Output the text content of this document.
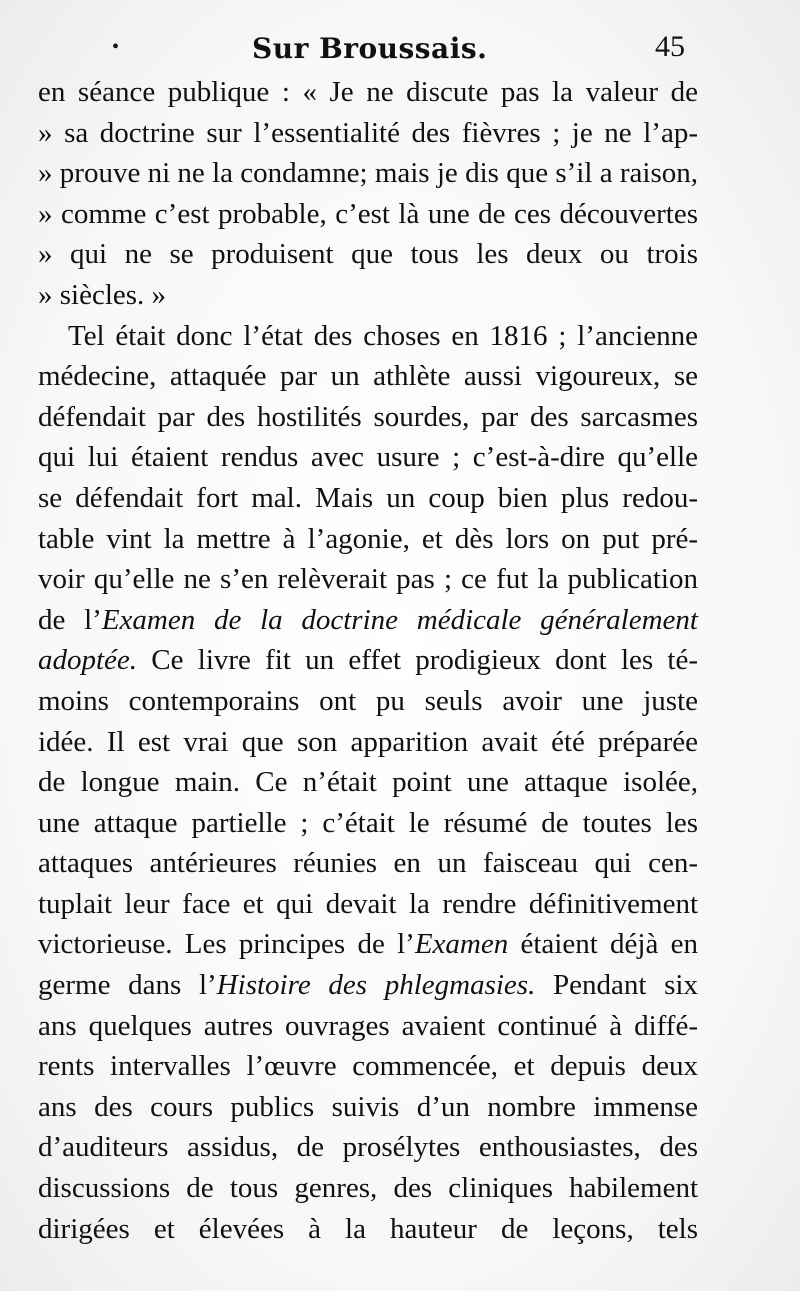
•	Sur Broussais.	45
en séance publique : « Je ne discute pas la valeur de
» sa doctrine sur l’essentialité des fièvres ; je ne l’ap-
» prouve ni ne la condamne; mais je dis que s’il a raison,
» comme c’est probable, c’est là une de ces découvertes
» qui ne se produisent que tous les deux ou trois
» siècles. »
Tel était donc l’état des choses en 1816 ; l’ancienne
médecine, attaquée par un athlète aussi vigoureux, se
défendait par des hostilités sourdes, par des sarcasmes
qui lui étaient rendus avec usure ; c’est-à-dire qu’elle
se défendait fort mal. Mais un coup bien plus redou-
table vint la mettre à l’agonie, et dès lors on put pré-
voir qu’elle ne s’en relèverait pas ; ce fut la publication
de l’Examen de la doctrine médicale généralement
adoptée. Ce livre fit un effet prodigieux dont les té-
moins contemporains ont pu seuls avoir une juste
idée. Il est vrai que son apparition avait été préparée
de longue main. Ce n’était point une attaque isolée,
une attaque partielle ; c’était le résumé de toutes les
attaques antérieures réunies en un faisceau qui cen-
tuplait leur face et qui devait la rendre définitivement
victorieuse. Les principes de l’Examen étaient déjà en
germe dans l’Histoire des phlegmasies. Pendant six
ans quelques autres ouvrages avaient continué à diffé-
rents intervalles l’œuvre commencée, et depuis deux
ans des cours publics suivis d’un nombre immense
d’auditeurs assidus, de prosélytes enthousiastes, des
discussions de tous genres, des cliniques habilement
dirigées et élevées à la hauteur de leçons, tels
